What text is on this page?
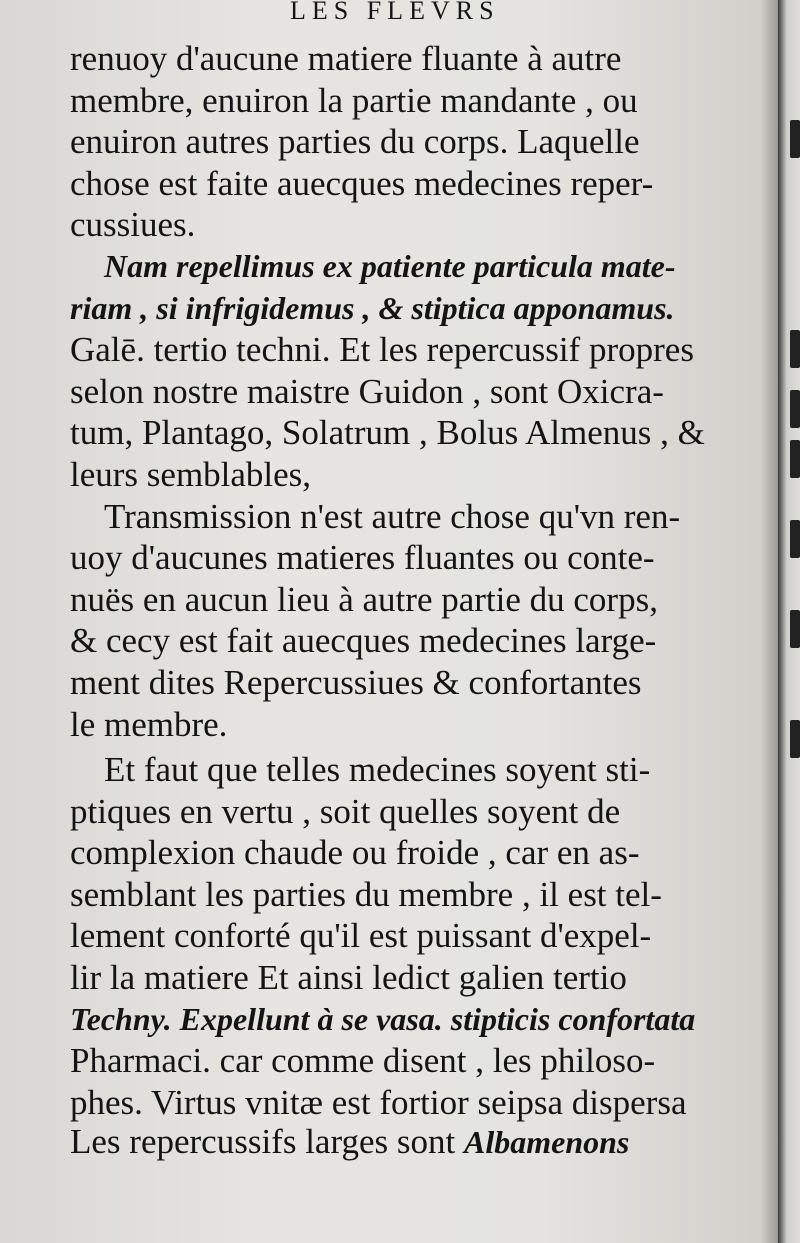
LES FLEVRS
renuoy d'aucune matiere fluante à autre
membre, enuiron la partie mandante , ou
enuiron autres parties du corps. Laquelle
chose est faite auecques medecines reper-
cussiues.
Nam repellimus ex patiente particula mate-
riam , si infrigidemus , & stiptica apponamus.
Galē. tertio techni. Et les repercussif propres
selon nostre maistre Guidon , sont Oxicra-
tum, Plantago, Solatrum , Bolus Almenus , &
leurs semblables,
Transmission n'est autre chose qu'vn ren-
uoy d'aucunes matieres fluantes ou conte-
nuës en aucun lieu à autre partie du corps,
& cecy est fait auecques medecines large-
ment dites Repercussiues & confortantes
le membre.
Et faut que telles medecines soyent sti-
ptiques en vertu , soit quelles soyent de
complexion chaude ou froide , car en as-
semblant les parties du membre , il est tel-
lement conforté qu'il est puissant d'expel-
lir la matiere Et ainsi ledict galien tertio
Techny. Expellunt à se vasa. stipticis confortata
Pharmaci. car comme disent , les philoso-
phes. Virtus vnitæ est fortior seipsa dispersa
Les repercussifs larges sont Albamenons
